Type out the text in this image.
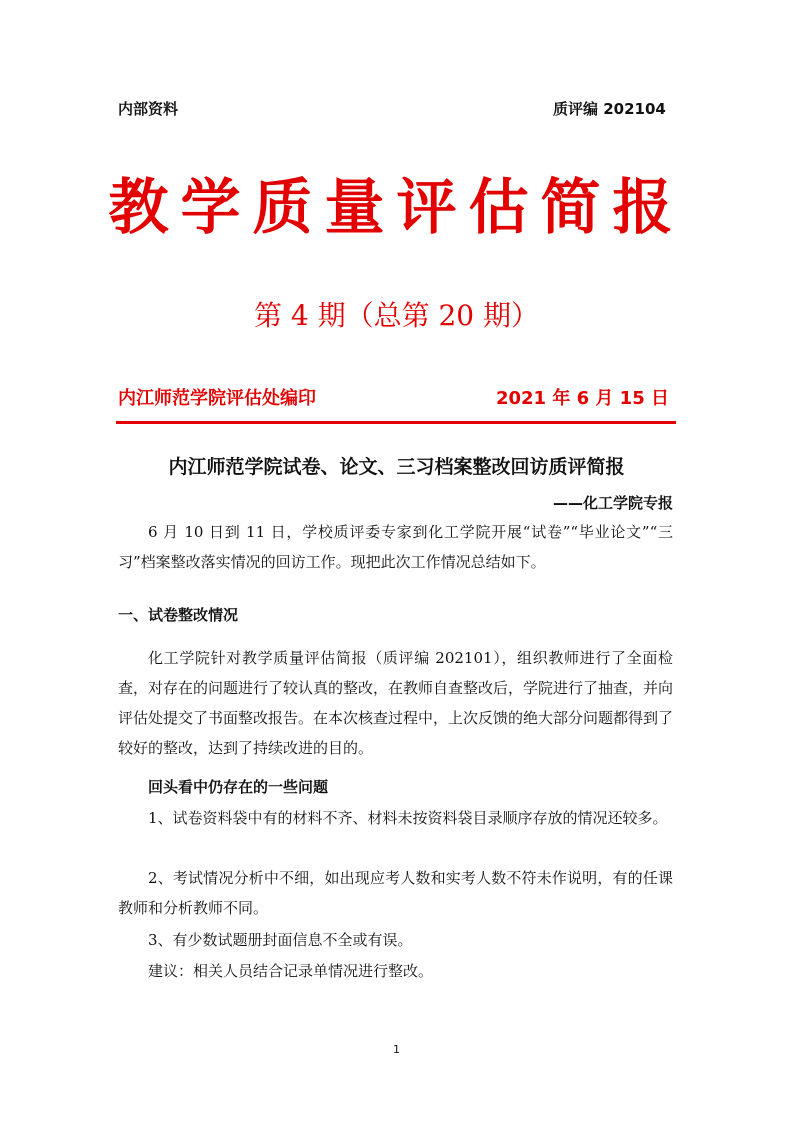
内部资料	质评编 202104
教学质量评估简报
第 4 期（总第 20 期）
内江师范学院评估处编印	2021 年 6 月 15 日
内江师范学院试卷、论文、三习档案整改回访质评简报
——化工学院专报
6 月 10 日到 11 日，学校质评委专家到化工学院开展“试卷”“毕业论文”“三习”档案整改落实情况的回访工作。现把此次工作情况总结如下。
一、试卷整改情况
化工学院针对教学质量评估简报（质评编 202101），组织教师进行了全面检查，对存在的问题进行了较认真的整改，在教师自查整改后，学院进行了抽查，并向评估处提交了书面整改报告。在本次核查过程中，上次反馈的绝大部分问题都得到了较好的整改，达到了持续改进的目的。
回头看中仍存在的一些问题
1、试卷资料袋中有的材料不齐、材料未按资料袋目录顺序存放的情况还较多。
2、考试情况分析中不细，如出现应考人数和实考人数不符未作说明，有的任课教师和分析教师不同。
3、有少数试题册封面信息不全或有误。
建议：相关人员结合记录单情况进行整改。
1
